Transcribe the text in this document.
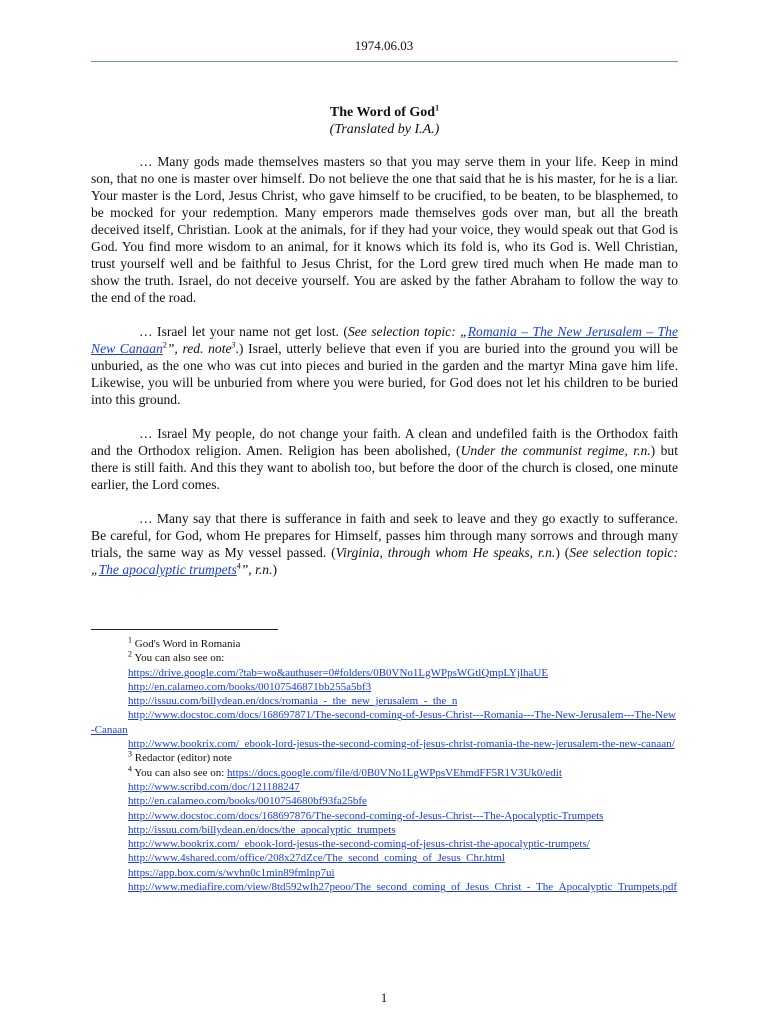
1974.06.03
The Word of God$^1$
(Translated by I.A.)

… Many gods made themselves masters so that you may serve them in your life. Keep in mind son, that no one is master over himself. Do not believe the one that said that he is his master, for he is a liar. Your master is the Lord, Jesus Christ, who gave himself to be crucified, to be beaten, to be blasphemed, to be mocked for your redemption. Many emperors made themselves gods over man, but all the breath deceived itself, Christian. Look at the animals, for if they had your voice, they would speak out that God is God. You find more wisdom to an animal, for it knows which its fold is, who its God is. Well Christian, trust yourself well and be faithful to Jesus Christ, for the Lord grew tired much when He made man to show the truth. Israel, do not deceive yourself. You are asked by the father Abraham to follow the way to the end of the road.

… Israel let your name not get lost. (See selection topic: „Romania – The New Jerusalem – The New Canaan$^2$”, red. note$^3$.) Israel, utterly believe that even if you are buried into the ground you will be unburied, as the one who was cut into pieces and buried in the garden and the martyr Mina gave him life. Likewise, you will be unburied from where you were buried, for God does not let his children to be buried into this ground.

… Israel My people, do not change your faith. A clean and undefiled faith is the Orthodox faith and the Orthodox religion. Amen. Religion has been abolished, (Under the communist regime, r.n.) but there is still faith. And this they want to abolish too, but before the door of the church is closed, one minute earlier, the Lord comes.

… Many say that there is sufferance in faith and seek to leave and they go exactly to sufferance. Be careful, for God, whom He prepares for Himself, passes him through many sorrows and through many trials, the same way as My vessel passed. (Virginia, through whom He speaks, r.n.) (See selection topic: „The apocalyptic trumpets$^4$”, r.n.)

$^1$ God's Word in Romania
$^2$ You can also see on:
https://drive.google.com/?tab=wo&authuser=0#folders/0B0VNo1LgWPpsWGtlQmpLYjlhaUE
http://en.calameo.com/books/00107546871bb255a5bf3
http://issuu.com/billydean.en/docs/romania_-_the_new_jerusalem_-_the_n
http://www.docstoc.com/docs/168697871/The-second-coming-of-Jesus-Christ---Romania---The-New-Jerusalem---The-New-Canaan
http://www.bookrix.com/_ebook-lord-jesus-the-second-coming-of-jesus-christ-romania-the-new-jerusalem-the-new-canaan/
$^3$ Redactor (editor) note
$^4$ You can also see on: https://docs.google.com/file/d/0B0VNo1LgWPpsVEhmdFF5R1V3Uk0/edit
http://www.scribd.com/doc/121188247
http://en.calameo.com/books/0010754680bf93fa25bfe
http://www.docstoc.com/docs/168697876/The-second-coming-of-Jesus-Christ---The-Apocalyptic-Trumpets
http://issuu.com/billydean.en/docs/the_apocalyptic_trumpets
http://www.bookrix.com/_ebook-lord-jesus-the-second-coming-of-jesus-christ-the-apocalyptic-trumpets/
http://www.4shared.com/office/208x27dZce/The_second_coming_of_Jesus_Chr.html
https://app.box.com/s/wvhn0c1min89fmlnp7ui
http://www.mediafire.com/view/8td592wlh27peoo/The_second_coming_of_Jesus_Christ_-_The_Apocalyptic_Trumpets.pdf
1
